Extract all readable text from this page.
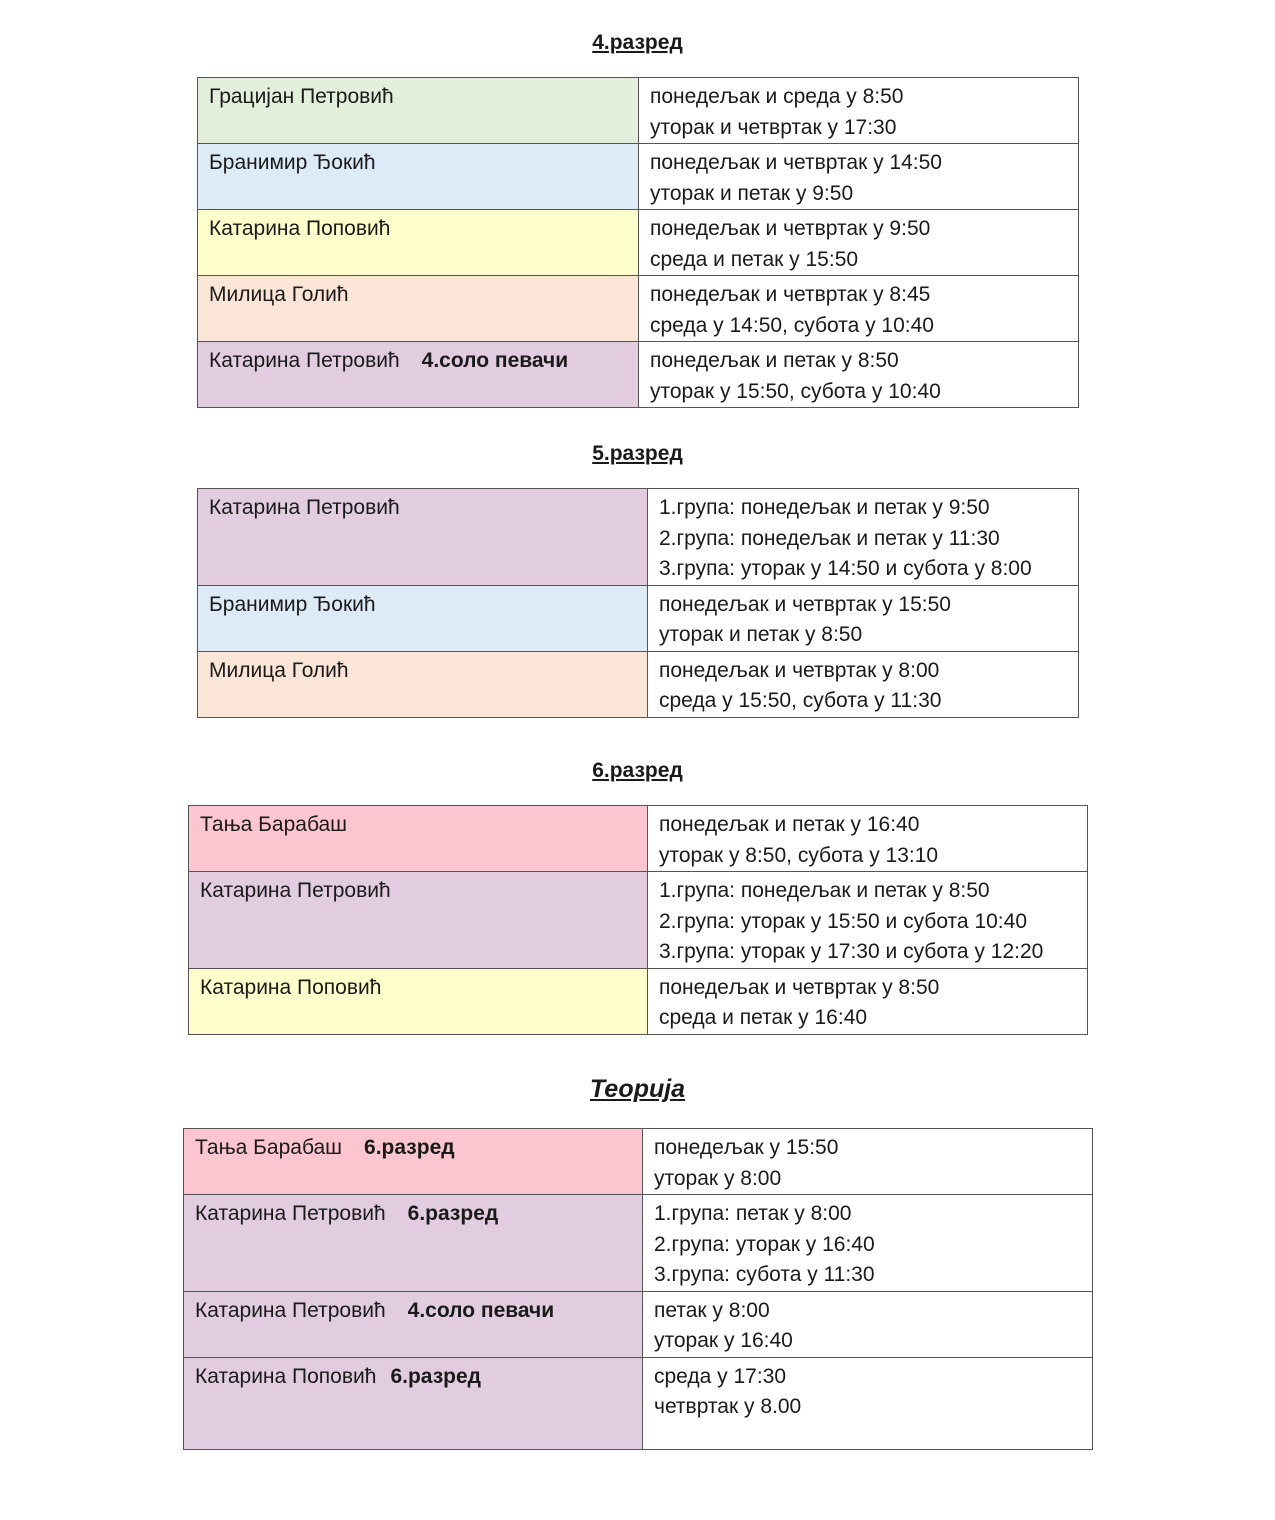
4.разред
Грацијан Петровић	понедељак и среда у 8:50
уторак и четвртак у 17:30

Бранимир Ђокић	понедељак и четвртак у 14:50
уторак и петак у 9:50

Катарина Поповић	понедељак и четвртак у 9:50
среда и петак у 15:50

Милица Голић	понедељак и четвртак у 8:45
среда у 14:50, субота у 10:40

Катарина Петровић 4.соло певачи	понедељак и петак у 8:50
уторак у 15:50, субота у 10:40
5.разред
Катарина Петровић	1.група: понедељак и петак у 9:50
2.група: понедељак и петак у 11:30
3.група: уторак у 14:50 и субота у 8:00

Бранимир Ђокић	понедељак и четвртак у 15:50
уторак и петак у 8:50

Милица Голић	понедељак и четвртак у 8:00
среда у 15:50, субота у 11:30
6.разред
Тања Барабаш	понедељак и петак у 16:40
уторак у 8:50, субота у 13:10

Катарина Петровић	1.група: понедељак и петак у 8:50
2.група: уторак у 15:50 и субота 10:40
3.група: уторак у 17:30 и субота у 12:20

Катарина Поповић	понедељак и четвртак у 8:50
среда и петак у 16:40
Теорија
Тања Барабаш 6.разред	понедељак у 15:50
уторак у 8:00

Катарина Петровић 6.разред	1.група: петак у 8:00
2.група: уторак у 16:40
3.група: субота у 11:30

Катарина Петровић 4.соло певачи	петак у 8:00
уторак у 16:40

Катарина Поповић 6.разред	среда у 17:30
четвртак у 8.00
